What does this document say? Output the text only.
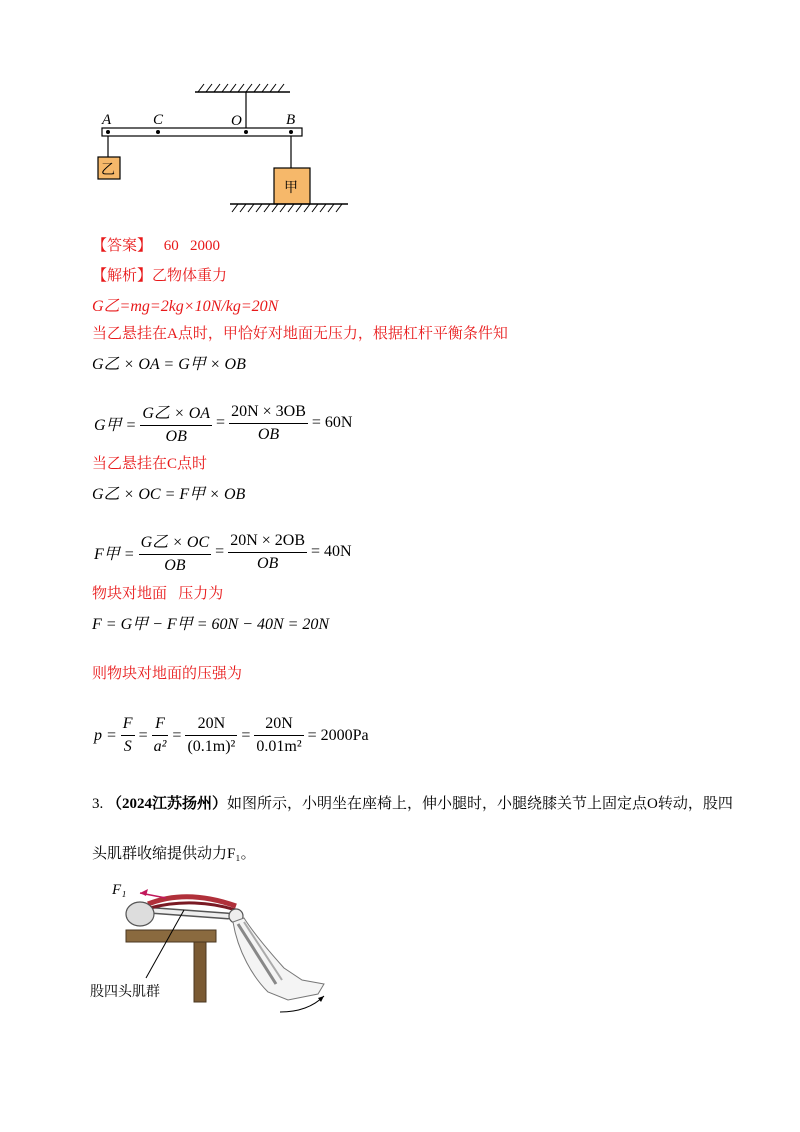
A	C	O	B
乙
甲
【答案】 60   2000
【解析】乙物体重力
G乙=mg=2kg×10N/kg=20N
当乙悬挂在A点时，甲恰好对地面无压力，根据杠杆平衡条件知
G乙 × OA = G甲 × OB
G甲 = $\frac{\text{G乙 × OA}}{OB} = \frac{20N \times 3OB}{OB} = 60N$
当乙悬挂在C点时
G乙 × OC = F甲 × OB
F甲 = $\frac{\text{G乙 × OC}}{OB} = \frac{20N \times 2OB}{OB} = 40N$
物块对地面   压力为
F = G甲 − F甲 = 60N − 40N = 20N
则物块对地面的压强为
$p = \frac{F}{S} = \frac{F}{\text{a²}} = \frac{20N}{\text{(0.1m)²}} = \frac{20N}{\text{0.01m²}} = 2000Pa$
3. （2024江苏扬州）如图所示，小明坐在座椅上，伸小腿时，小腿绕膝关节上固定点O转动，股四
头肌群收缩提供动力F₁。
F₁
股四头肌群
